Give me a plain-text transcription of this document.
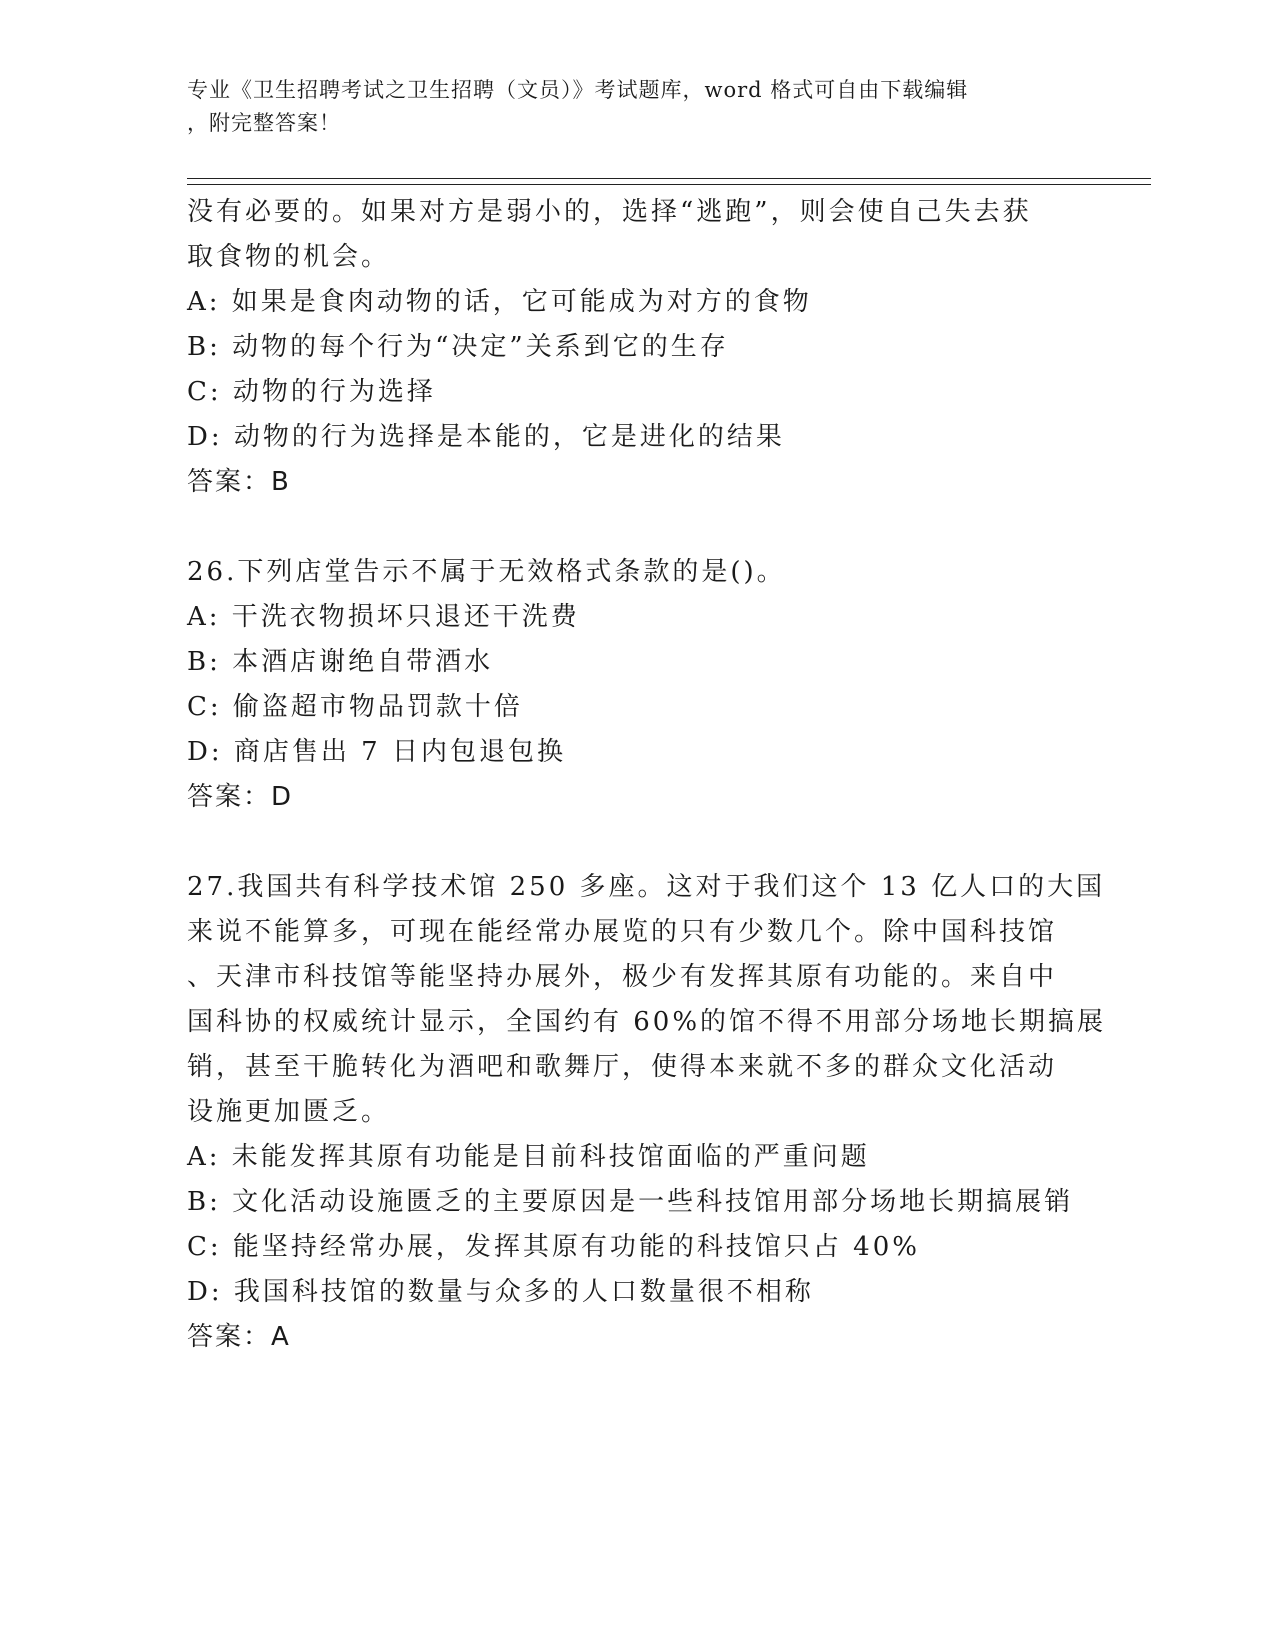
专业《卫生招聘考试之卫生招聘（文员）》考试题库，word 格式可自由下载编辑
，附完整答案！
没有必要的。如果对方是弱小的，选择“逃跑”，则会使自己失去获
取食物的机会。
A: 如果是食肉动物的话，它可能成为对方的食物
B: 动物的每个行为“决定”关系到它的生存
C: 动物的行为选择
D: 动物的行为选择是本能的，它是进化的结果
答案：B
26.下列店堂告示不属于无效格式条款的是()。
A: 干洗衣物损坏只退还干洗费
B: 本酒店谢绝自带酒水
C: 偷盗超市物品罚款十倍
D: 商店售出 7 日内包退包换
答案：D
27.我国共有科学技术馆 250 多座。这对于我们这个 13 亿人口的大国
来说不能算多，可现在能经常办展览的只有少数几个。除中国科技馆
、天津市科技馆等能坚持办展外，极少有发挥其原有功能的。来自中
国科协的权威统计显示，全国约有 60%的馆不得不用部分场地长期搞展
销，甚至干脆转化为酒吧和歌舞厅，使得本来就不多的群众文化活动
设施更加匮乏。
A: 未能发挥其原有功能是目前科技馆面临的严重问题
B: 文化活动设施匮乏的主要原因是一些科技馆用部分场地长期搞展销
C: 能坚持经常办展，发挥其原有功能的科技馆只占 40%
D: 我国科技馆的数量与众多的人口数量很不相称
答案：A
